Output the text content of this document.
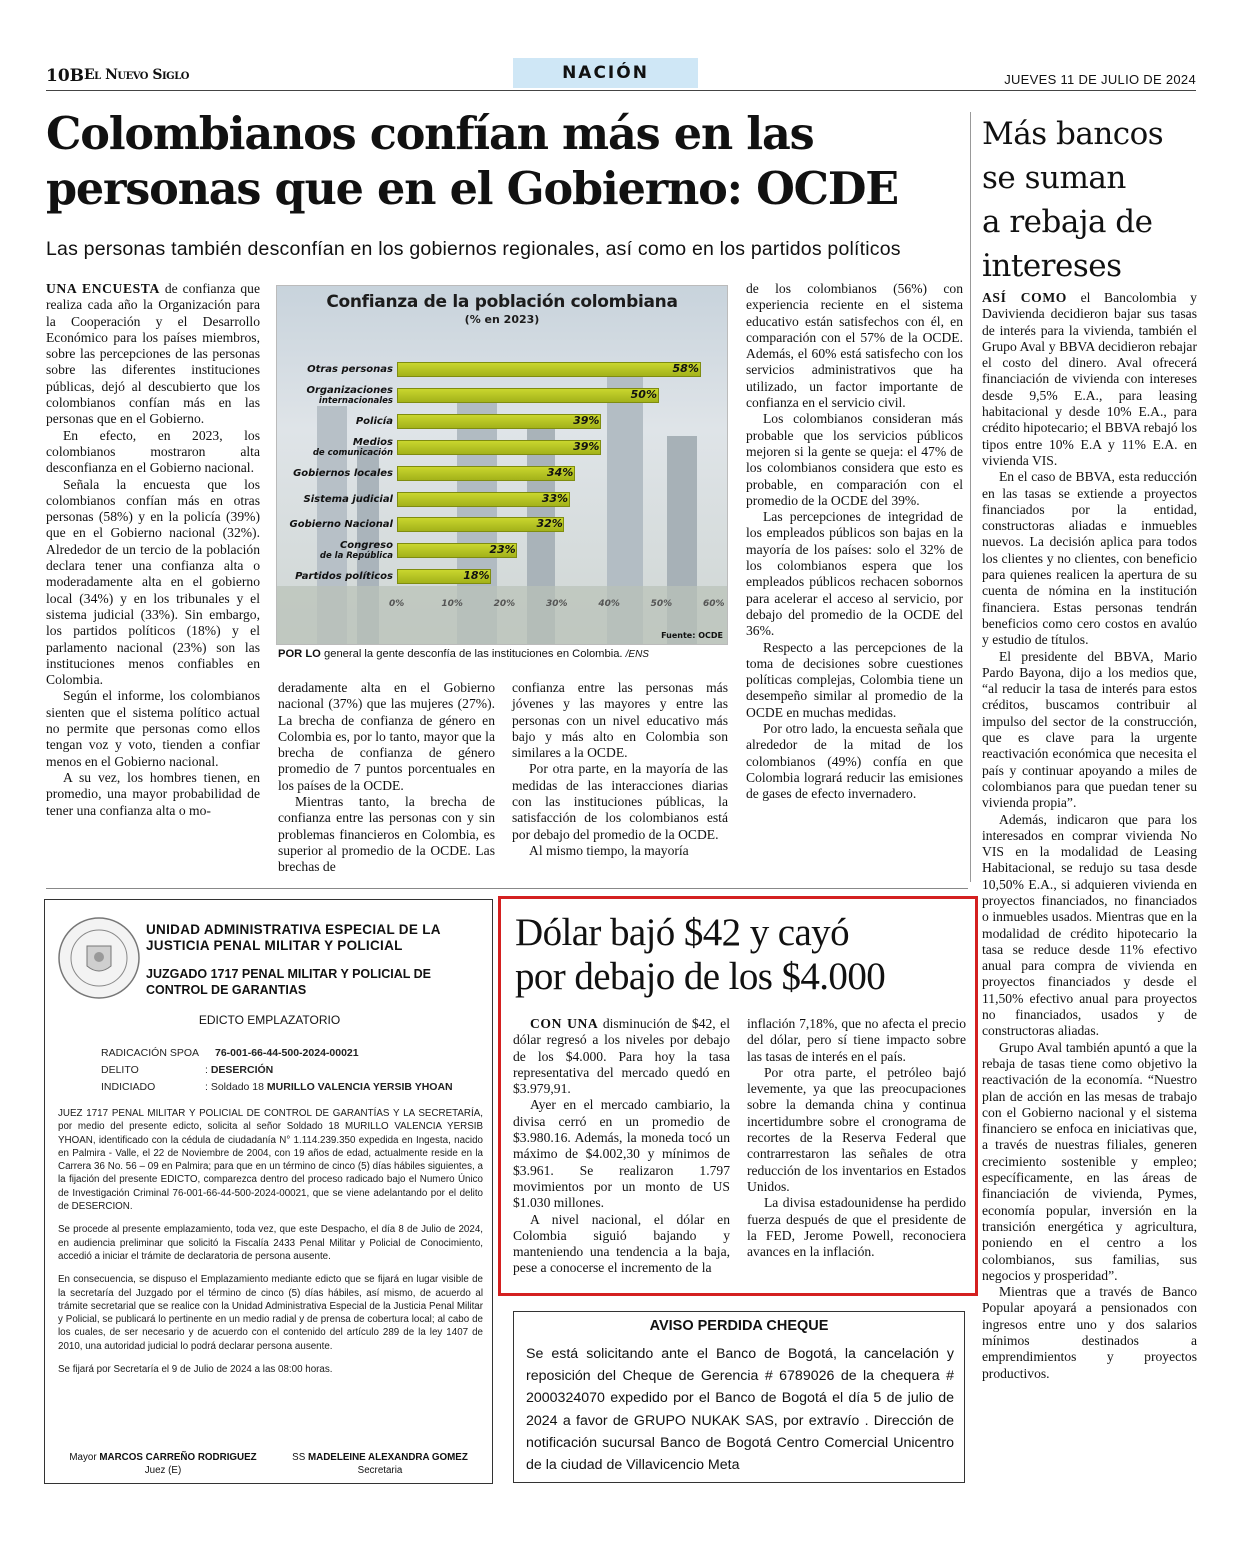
10B El Nuevo Siglo	NACIÓN	JUEVES 11 DE JULIO DE 2024
Colombianos confían más en las
personas que en el Gobierno: OCDE
Las personas también desconfían en los gobiernos regionales, así como en los partidos políticos

UNA ENCUESTA de confianza que realiza cada año la Organización para la Cooperación y el Desarrollo Económico para los países miembros, sobre las percepciones de las personas sobre las diferentes instituciones públicas, dejó al descubierto que los colombianos confían más en las personas que en el Gobierno.

En efecto, en 2023, los colombianos mostraron alta desconfianza en el Gobierno nacional.

Señala la encuesta que los colombianos confían más en otras personas (58%) y en la policía (39%) que en el Gobierno nacional (32%). Alrededor de un tercio de la población declara tener una confianza alta o moderadamente alta en el gobierno local (34%) y en los tribunales y el sistema judicial (33%). Sin embargo, los partidos políticos (18%) y el parlamento nacional (23%) son las instituciones menos confiables en Colombia.

Según el informe, los colombianos sienten que el sistema político actual no permite que personas como ellos tengan voz y voto, tienden a confiar menos en el Gobierno nacional.

A su vez, los hombres tienen, en promedio, una mayor probabilidad de tener una confianza alta o mo-

Confianza de la población colombiana
(% en 2023)
Otras personas	58%
Organizaciones
internacionales	50%
Policía	39%
Medios
de comunicación	39%
Gobiernos locales	34%
Sistema judicial	33%
Gobierno Nacional	32%
Congreso
de la República	23%
Partidos políticos	18%
0%	10%	20%	30%	40%	50%	60%
Fuente: OCDE
POR LO general la gente desconfía de las instituciones en Colombia. /ENS

deradamente alta en el Gobierno nacional (37%) que las mujeres (27%). La brecha de confianza de género en Colombia es, por lo tanto, mayor que la brecha de confianza de género promedio de 7 puntos porcentuales en los países de la OCDE.

Mientras tanto, la brecha de confianza entre las personas con y sin problemas financieros en Colombia, es superior al promedio de la OCDE. Las brechas de

confianza entre las personas más jóvenes y las mayores y entre las personas con un nivel educativo más bajo y más alto en Colombia son similares a la OCDE.

Por otra parte, en la mayoría de las medidas de las interacciones diarias con las instituciones públicas, la satisfacción de los colombianos está por debajo del promedio de la OCDE.

Al mismo tiempo, la mayoría

de los colombianos (56%) con experiencia reciente en el sistema educativo están satisfechos con él, en comparación con el 57% de la OCDE. Además, el 60% está satisfecho con los servicios administrativos que ha utilizado, un factor importante de confianza en el servicio civil.

Los colombianos consideran más probable que los servicios públicos mejoren si la gente se queja: el 47% de los colombianos considera que esto es probable, en comparación con el promedio de la OCDE del 39%.

Las percepciones de integridad de los empleados públicos son bajas en la mayoría de los países: solo el 32% de los colombianos espera que los empleados públicos rechacen sobornos para acelerar el acceso al servicio, por debajo del promedio de la OCDE del 36%.

Respecto a las percepciones de la toma de decisiones sobre cuestiones políticas complejas, Colombia tiene un desempeño similar al promedio de la OCDE en muchas medidas.

Por otro lado, la encuesta señala que alrededor de la mitad de los colombianos (49%) confía en que Colombia logrará reducir las emisiones de gases de efecto invernadero.

Más bancos
se suman
a rebaja de
intereses

ASÍ COMO el Bancolombia y Davivienda decidieron bajar sus tasas de interés para la vivienda, también el Grupo Aval y BBVA decidieron rebajar el costo del dinero. Aval ofrecerá financiación de vivienda con intereses desde 9,5% E.A., para leasing habitacional y desde 10% E.A., para crédito hipotecario; el BBVA rebajó los tipos entre 10% E.A y 11% E.A. en vivienda VIS.

En el caso de BBVA, esta reducción en las tasas se extiende a proyectos financiados por la entidad, constructoras aliadas e inmuebles nuevos. La decisión aplica para todos los clientes y no clientes, con beneficio para quienes realicen la apertura de su cuenta de nómina en la institución financiera. Estas personas tendrán beneficios como cero costos en avalúo y estudio de títulos.

El presidente del BBVA, Mario Pardo Bayona, dijo a los medios que, “al reducir la tasa de interés para estos créditos, buscamos contribuir al impulso del sector de la construcción, que es clave para la urgente reactivación económica que necesita el país y continuar apoyando a miles de colombianos para que puedan tener su vivienda propia”.

Además, indicaron que para los interesados en comprar vivienda No VIS en la modalidad de Leasing Habitacional, se redujo su tasa desde 10,50% E.A., si adquieren vivienda en proyectos financiados, no financiados o inmuebles usados. Mientras que en la modalidad de crédito hipotecario la tasa se reduce desde 11% efectivo anual para compra de vivienda en proyectos financiados y desde el 11,50% efectivo anual para proyectos no financiados, usados y de constructoras aliadas.

Grupo Aval también apuntó a que la rebaja de tasas tiene como objetivo la reactivación de la economía. “Nuestro plan de acción en las mesas de trabajo con el Gobierno nacional y el sistema financiero se enfoca en iniciativas que, a través de nuestras filiales, generen crecimiento sostenible y empleo; específicamente, en las áreas de financiación de vivienda, Pymes, economía popular, inversión en la transición energética y agricultura, poniendo en el centro a los colombianos, sus familias, sus negocios y prosperidad”.

Mientras que a través de Banco Popular apoyará a pensionados con ingresos entre uno y dos salarios mínimos destinados a emprendimientos y proyectos productivos.

Dólar bajó $42 y cayó
por debajo de los $4.000

CON UNA disminución de $42, el dólar regresó a los niveles por debajo de los $4.000. Para hoy la tasa representativa del mercado quedó en $3.979,91.

Ayer en el mercado cambiario, la divisa cerró en un promedio de $3.980.16. Además, la moneda tocó un máximo de $4.002,30 y mínimos de $3.961. Se realizaron 1.797 movimientos por un monto de US $1.030 millones.

A nivel nacional, el dólar en Colombia siguió bajando y manteniendo una tendencia a la baja, pese a conocerse el incremento de la

inflación 7,18%, que no afecta el precio del dólar, pero sí tiene impacto sobre las tasas de interés en el país.

Por otra parte, el petróleo bajó levemente, ya que las preocupaciones sobre la demanda china y continua incertidumbre sobre el cronograma de recortes de la Reserva Federal que contrarrestaron las señales de otra reducción de los inventarios en Estados Unidos.

La divisa estadounidense ha perdido fuerza después de que el presidente de la FED, Jerome Powell, reconociera avances en la inflación.

UNIDAD ADMINISTRATIVA ESPECIAL DE LA
JUSTICIA PENAL MILITAR Y POLICIAL
JUZGADO 1717 PENAL MILITAR Y POLICIAL DE
CONTROL DE GARANTIAS
EDICTO EMPLAZATORIO
RADICACIÓN SPOA 76-001-66-44-500-2024-00021
DELITO	: DESERCIÓN
INDICIADO	: Soldado 18 MURILLO VALENCIA YERSIB YHOAN

JUEZ 1717 PENAL MILITAR Y POLICIAL DE CONTROL DE GARANTÍAS Y LA SECRETARÍA, por medio del presente edicto, solicita al señor Soldado 18 MURILLO VALENCIA YERSIB YHOAN, identificado con la cédula de ciudadanía N° 1.114.239.350 expedida en Ingesta, nacido en Palmira - Valle, el 22 de Noviembre de 2004, con 19 años de edad, actualmente reside en la Carrera 36 No. 56 – 09 en Palmira; para que en un término de cinco (5) días hábiles siguientes, a la fijación del presente EDICTO, comparezca dentro del proceso radicado bajo el Numero Único de Investigación Criminal 76-001-66-44-500-2024-00021, que se viene adelantando por el delito de DESERCION.

Se procede al presente emplazamiento, toda vez, que este Despacho, el día 8 de Julio de 2024, en audiencia preliminar que solicitó la Fiscalía 2433 Penal Militar y Policial de Conocimiento, accedió a iniciar el trámite de declaratoria de persona ausente.

En consecuencia, se dispuso el Emplazamiento mediante edicto que se fijará en lugar visible de la secretaría del Juzgado por el término de cinco (5) días hábiles, así mismo, de acuerdo al trámite secretarial que se realice con la Unidad Administrativa Especial de la Justicia Penal Militar y Policial, se publicará lo pertinente en un medio radial y de prensa de cobertura local; al cabo de los cuales, de ser necesario y de acuerdo con el contenido del artículo 289 de la ley 1407 de 2010, una autoridad judicial lo podrá declarar persona ausente.

Se fijará por Secretaría el 9 de Julio de 2024 a las 08:00 horas.

Mayor MARCOS CARREÑO RODRIGUEZ
Juez (E)
SS MADELEINE ALEXANDRA GOMEZ
Secretaria
AVISO PERDIDA CHEQUE
Se está solicitando ante el Banco de Bogotá, la cancelación y reposición del Cheque de Gerencia # 6789026 de la chequera # 2000324070 expedido por el Banco de Bogotá el día 5 de julio de 2024 a favor de GRUPO NUKAK SAS, por extravío . Dirección de notificación sucursal Banco de Bogotá Centro Comercial Unicentro de la ciudad de Villavicencio Meta
